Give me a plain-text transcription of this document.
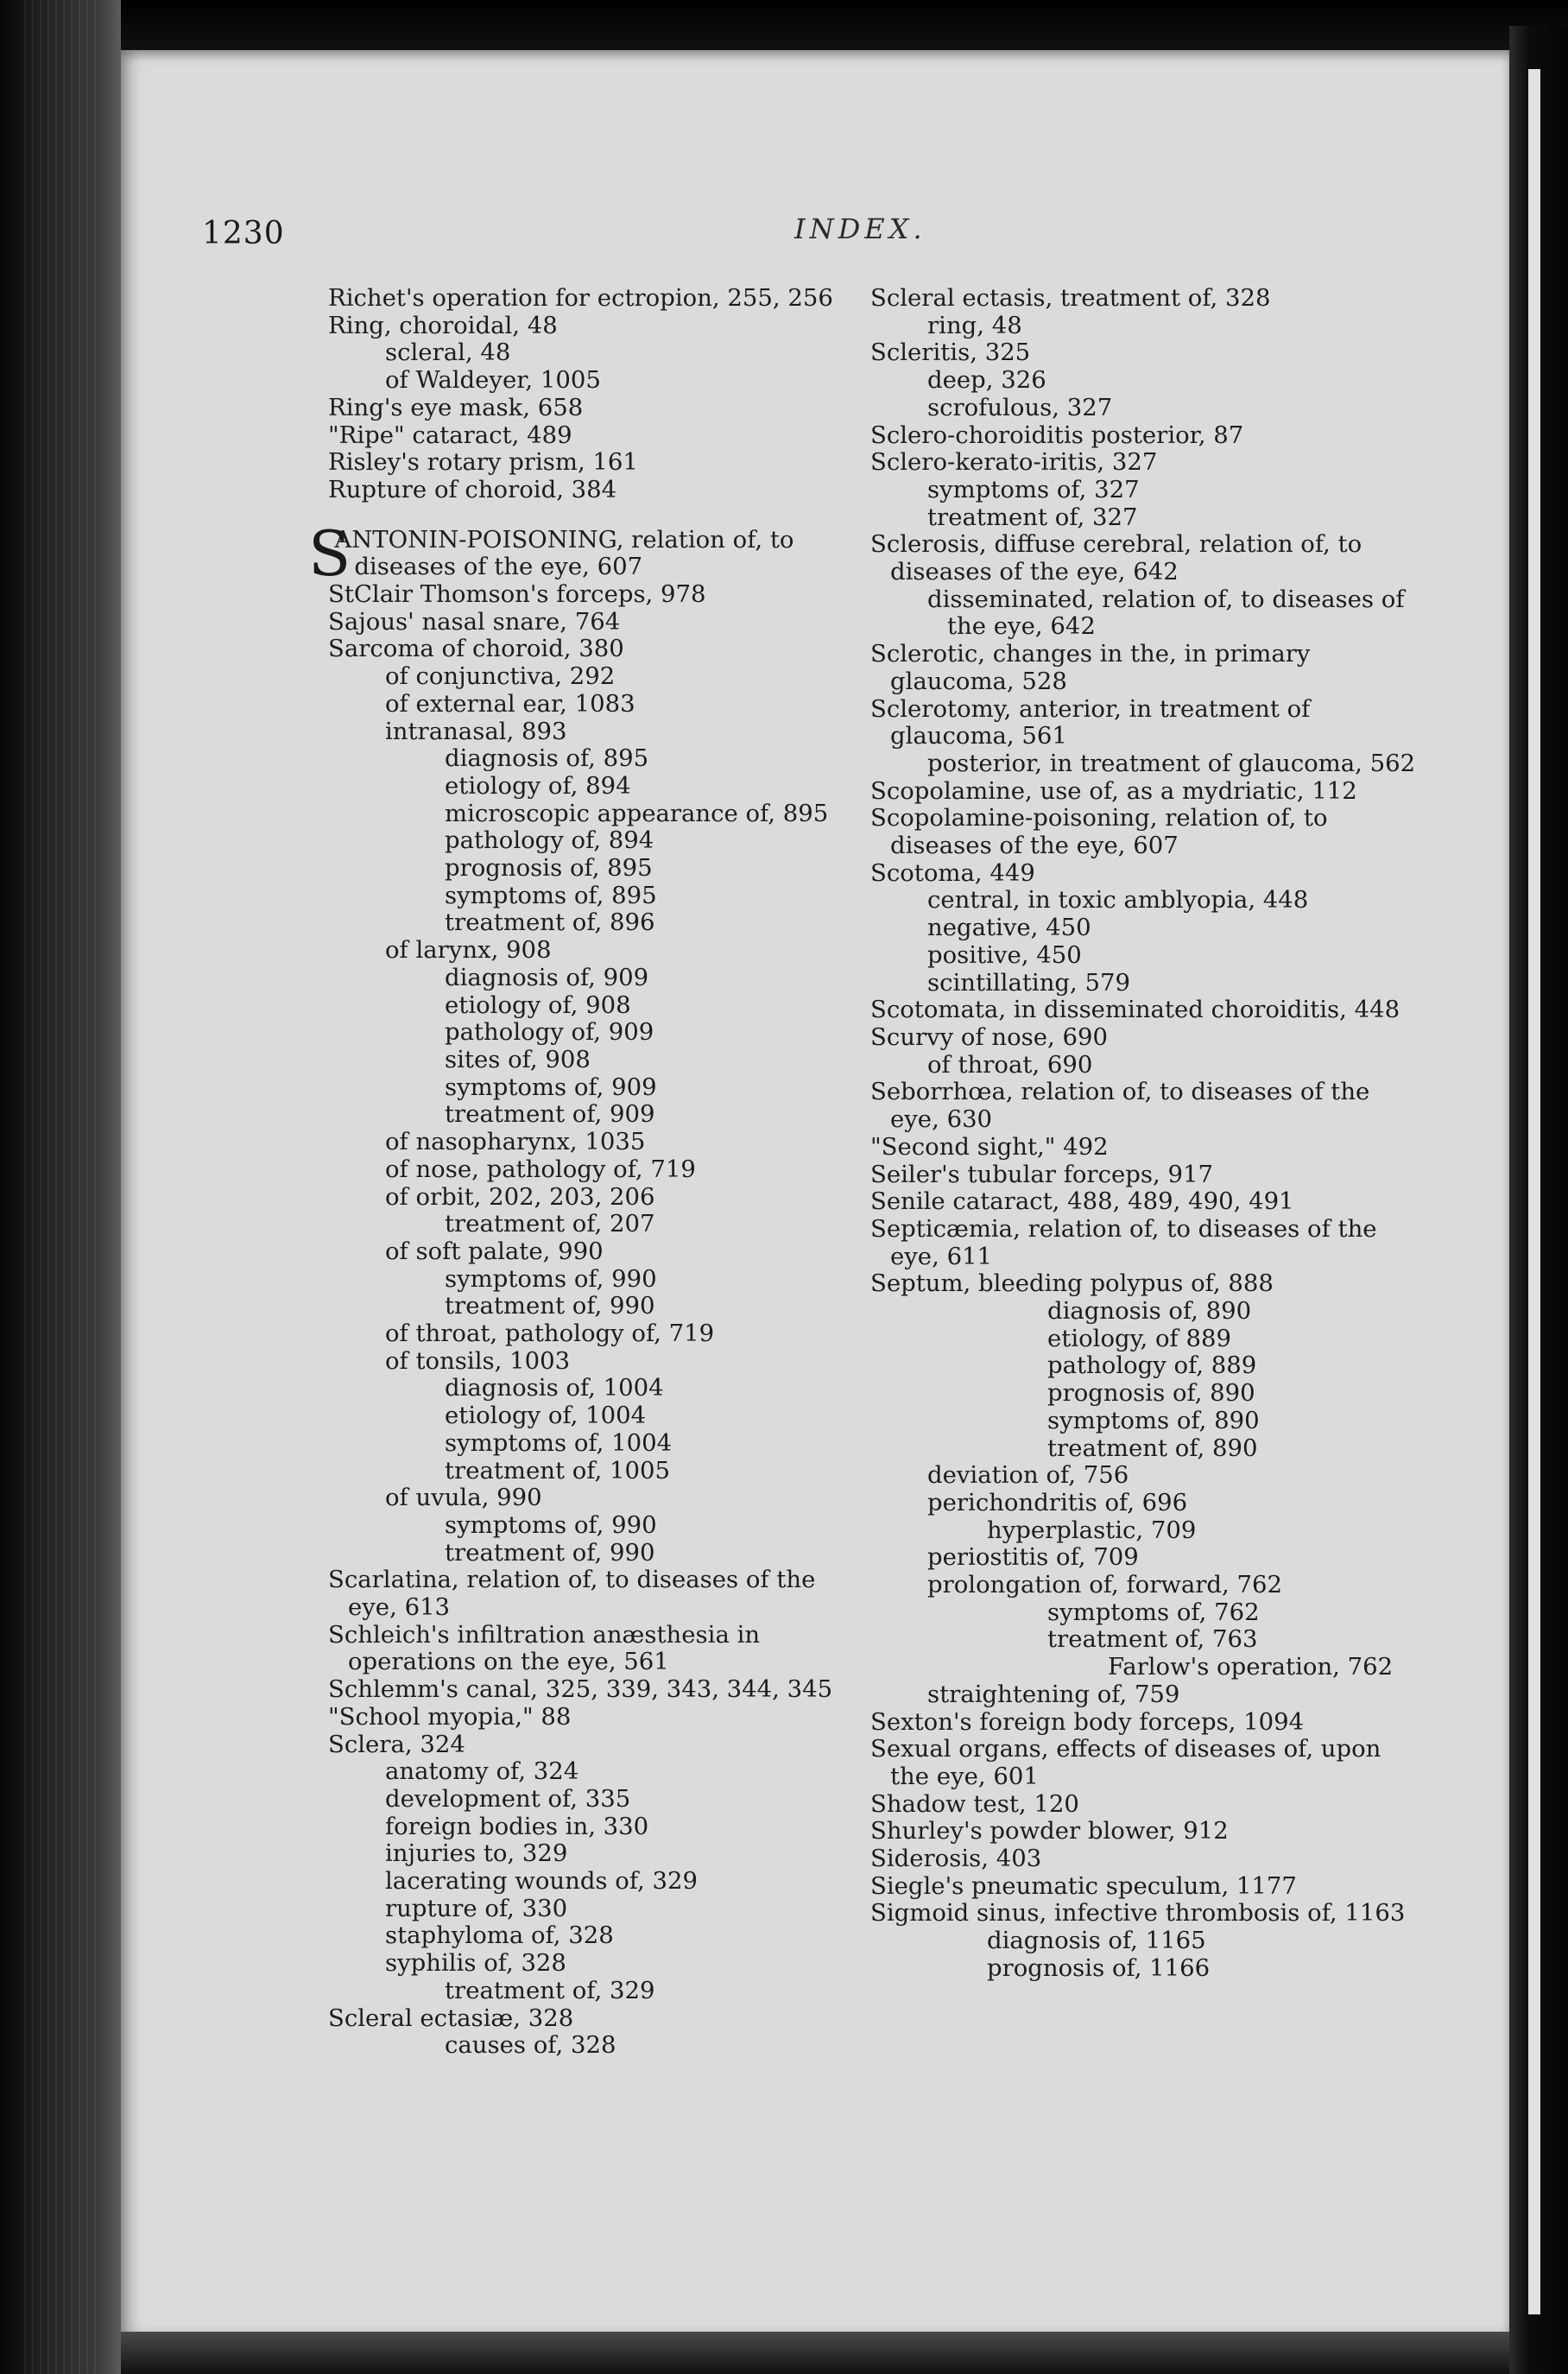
1230	INDEX.

Richet's operation for ectropion, 255, 256

Ring, choroidal, 48

scleral, 48

of Waldeyer, 1005

Ring's eye mask, 658

"Ripe" cataract, 489

Risley's rotary prism, 161

Rupture of choroid, 384

S
ANTONIN-POISONING, relation of, to diseases of the eye, 607

StClair Thomson's forceps, 978

Sajous' nasal snare, 764

Sarcoma of choroid, 380

of conjunctiva, 292

of external ear, 1083

intranasal, 893

diagnosis of, 895

etiology of, 894

microscopic appearance of, 895

pathology of, 894

prognosis of, 895

symptoms of, 895

treatment of, 896

of larynx, 908

diagnosis of, 909

etiology of, 908

pathology of, 909

sites of, 908

symptoms of, 909

treatment of, 909

of nasopharynx, 1035

of nose, pathology of, 719

of orbit, 202, 203, 206

treatment of, 207

of soft palate, 990

symptoms of, 990

treatment of, 990

of throat, pathology of, 719

of tonsils, 1003

diagnosis of, 1004

etiology of, 1004

symptoms of, 1004

treatment of, 1005

of uvula, 990

symptoms of, 990

treatment of, 990

Scarlatina, relation of, to diseases of the eye, 613

Schleich's infiltration anæsthesia in operations on the eye, 561

Schlemm's canal, 325, 339, 343, 344, 345

"School myopia," 88

Sclera, 324

anatomy of, 324

development of, 335

foreign bodies in, 330

injuries to, 329

lacerating wounds of, 329

rupture of, 330

staphyloma of, 328

syphilis of, 328

treatment of, 329

Scleral ectasiæ, 328

causes of, 328

Scleral ectasis, treatment of, 328

ring, 48

Scleritis, 325

deep, 326

scrofulous, 327

Sclero-choroiditis posterior, 87

Sclero-kerato-iritis, 327

symptoms of, 327

treatment of, 327

Sclerosis, diffuse cerebral, relation of, to diseases of the eye, 642

disseminated, relation of, to diseases of the eye, 642

Sclerotic, changes in the, in primary glaucoma, 528

Sclerotomy, anterior, in treatment of glaucoma, 561

posterior, in treatment of glaucoma, 562

Scopolamine, use of, as a mydriatic, 112

Scopolamine-poisoning, relation of, to diseases of the eye, 607

Scotoma, 449

central, in toxic amblyopia, 448

negative, 450

positive, 450

scintillating, 579

Scotomata, in disseminated choroiditis, 448

Scurvy of nose, 690

of throat, 690

Seborrhœa, relation of, to diseases of the eye, 630

"Second sight," 492

Seiler's tubular forceps, 917

Senile cataract, 488, 489, 490, 491

Septicæmia, relation of, to diseases of the eye, 611

Septum, bleeding polypus of, 888

diagnosis of, 890

etiology, of 889

pathology of, 889

prognosis of, 890

symptoms of, 890

treatment of, 890

deviation of, 756

perichondritis of, 696

hyperplastic, 709

periostitis of, 709

prolongation of, forward, 762

symptoms of, 762

treatment of, 763

Farlow's operation, 762

straightening of, 759

Sexton's foreign body forceps, 1094

Sexual organs, effects of diseases of, upon the eye, 601

Shadow test, 120

Shurley's powder blower, 912

Siderosis, 403

Siegle's pneumatic speculum, 1177

Sigmoid sinus, infective thrombosis of, 1163

diagnosis of, 1165

prognosis of, 1166
